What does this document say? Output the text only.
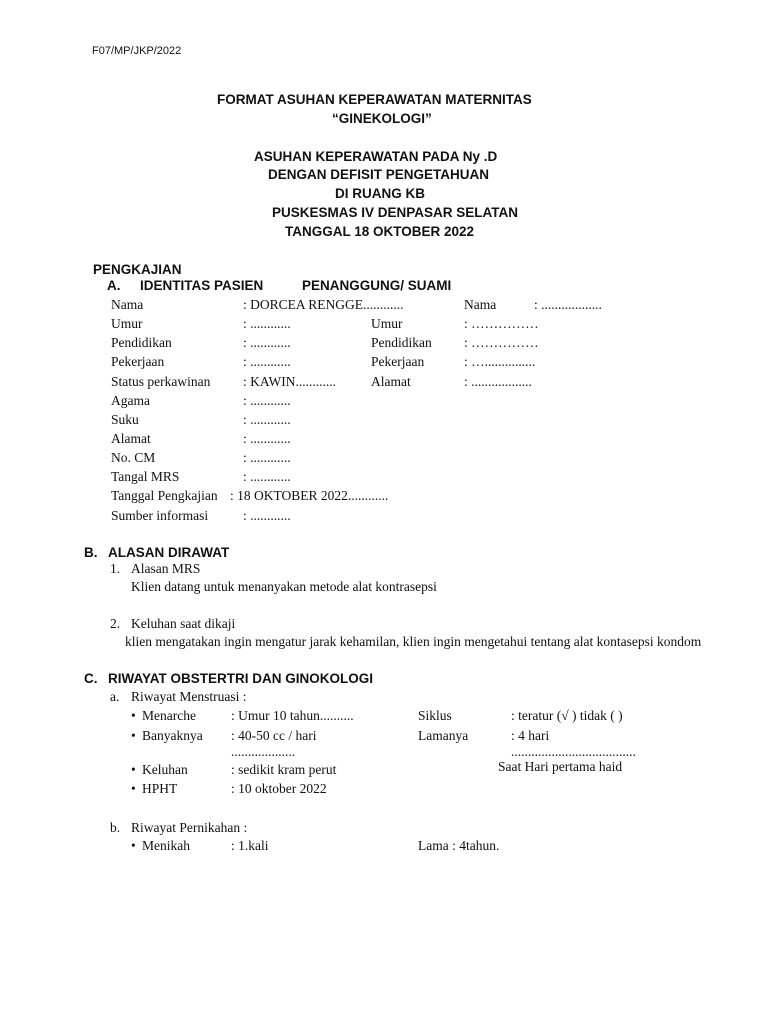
F07/MP/JKP/2022
FORMAT ASUHAN KEPERAWATAN MATERNITAS
“GINEKOLOGI”
ASUHAN KEPERAWATAN PADA Ny .D
DENGAN DEFISIT PENGETAHUAN
DI RUANG KB
PUSKESMAS IV DENPASAR SELATAN
TANGGAL 18 OKTOBER 2022
PENGKAJIAN
A. IDENTITAS PASIEN	PENANGGUNG/ SUAMI
Nama	: DORCEA RENGGE............
Umur	: ............
Pendidikan	: ............
Pekerjaan	: ............
Status perkawinan : KAWIN............
Agama	: ............
Suku	: ............
Alamat	: ............
No. CM	: ............
Tangal MRS	: ............
Tanggal Pengkajian : 18 OKTOBER 2022............
Sumber informasi	: ............
Nama	: ..................
Umur	: ……………
Pendidikan : ……………
Pekerjaan	: …...............
Alamat	: ..................
B. ALASAN DIRAWAT
1. Alasan MRS
Klien datang untuk menanyakan metode alat kontrasepsi
2. Keluhan saat dikaji
klien mengatakan ingin mengatur jarak kehamilan, klien ingin mengetahui tentang alat kontasepsi kondom
C. RIWAYAT OBSTERTRI DAN GINOKOLOGI
a. Riwayat Menstruasi :
• Menarche	: Umur 10 tahun..........	Siklus	: teratur (√ ) tidak ( )
• Banyaknya : 40-50 cc / hari
...................
Lamanya	: 4 hari
.....................................
Saat Hari pertama haid
• Keluhan	: sedikit kram perut
• HPHT	: 10 oktober 2022
b. Riwayat Pernikahan :
• Menikah	: 1.kali	Lama : 4tahun.
